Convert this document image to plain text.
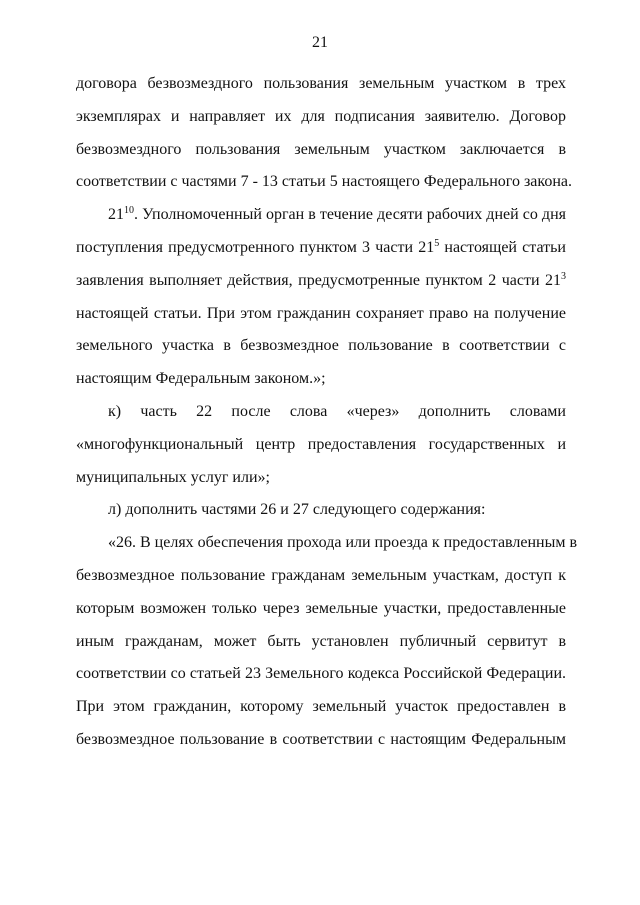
21
договора безвозмездного пользования земельным участком в трех
экземплярах и направляет их для подписания заявителю. Договор
безвозмездного пользования земельным участком заключается в
соответствии с частями 7 - 13 статьи 5 настоящего Федерального закона.
$21^{10}$. Уполномоченный орган в течение десяти рабочих дней со дня
поступления предусмотренного пунктом 3 части $21^5$ настоящей статьи
заявления выполняет действия, предусмотренные пунктом 2 части $21^3$
настоящей статьи. При этом гражданин сохраняет право на получение
земельного участка в безвозмездное пользование в соответствии с
настоящим Федеральным законом.»;
к) часть 22 после слова «через» дополнить словами
«многофункциональный центр предоставления государственных и
муниципальных услуг или»;
л) дополнить частями 26 и 27 следующего содержания:
«26. В целях обеспечения прохода или проезда к предоставленным в
безвозмездное пользование гражданам земельным участкам, доступ к
которым возможен только через земельные участки, предоставленные
иным гражданам, может быть установлен публичный сервитут в
соответствии со статьей 23 Земельного кодекса Российской Федерации.
При этом гражданин, которому земельный участок предоставлен в
безвозмездное пользование в соответствии с настоящим Федеральным
